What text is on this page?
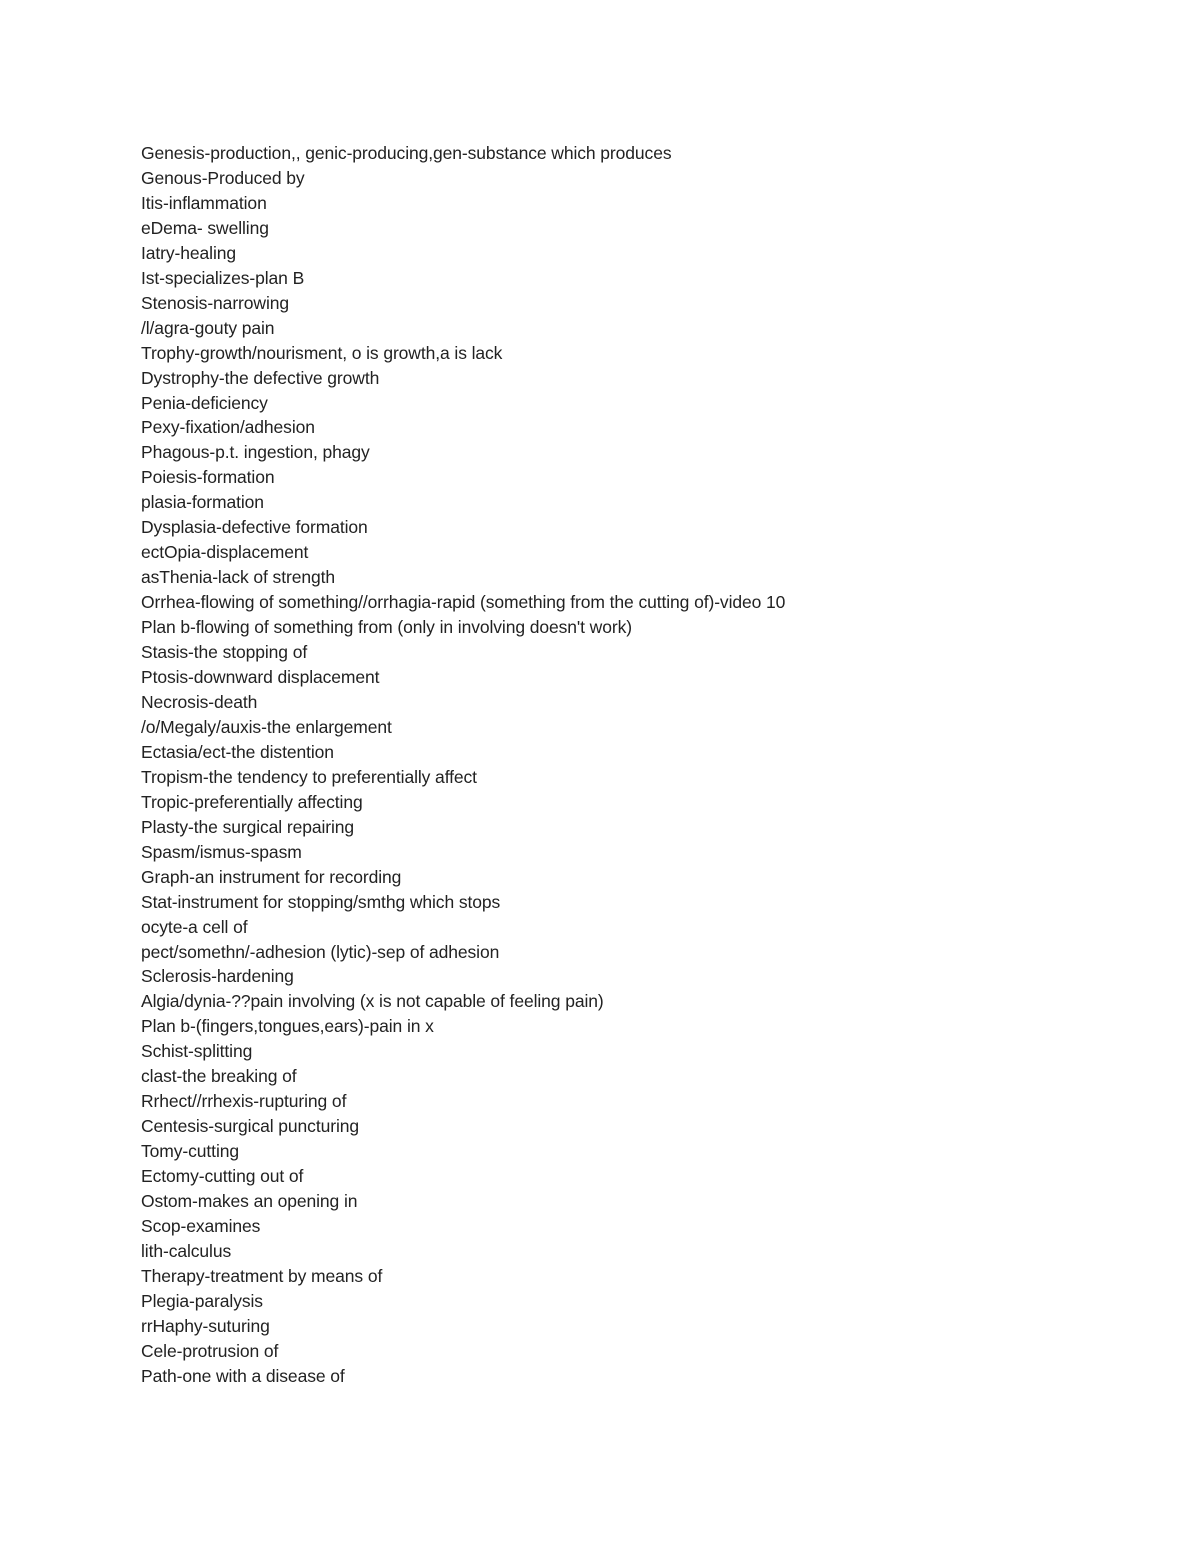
Genesis-production,, genic-producing,gen-substance which produces
Genous-Produced by
Itis-inflammation
eDema- swelling
Iatry-healing
Ist-specializes-plan B
Stenosis-narrowing
/l/agra-gouty pain
Trophy-growth/nourisment, o is growth,a is lack
Dystrophy-the defective growth
Penia-deficiency
Pexy-fixation/adhesion
Phagous-p.t. ingestion, phagy
Poiesis-formation
plasia-formation
Dysplasia-defective formation
ectOpia-displacement
asThenia-lack of strength
Orrhea-flowing of something//orrhagia-rapid (something from the cutting of)-video 10
Plan b-flowing of something from (only in involving doesn't work)
Stasis-the stopping of
Ptosis-downward displacement
Necrosis-death
/o/Megaly/auxis-the enlargement
Ectasia/ect-the distention
Tropism-the tendency to preferentially affect
Tropic-preferentially affecting
Plasty-the surgical repairing
Spasm/ismus-spasm
Graph-an instrument for recording
Stat-instrument for stopping/smthg which stops
ocyte-a cell of
pect/somethn/-adhesion (lytic)-sep of adhesion
Sclerosis-hardening
Algia/dynia-??pain involving (x is not capable of feeling pain)
Plan b-(fingers,tongues,ears)-pain in x
Schist-splitting
clast-the breaking of
Rrhect//rrhexis-rupturing of
Centesis-surgical puncturing
Tomy-cutting
Ectomy-cutting out of
Ostom-makes an opening in
Scop-examines
lith-calculus
Therapy-treatment by means of
Plegia-paralysis
rrHaphy-suturing
Cele-protrusion of
Path-one with a disease of
